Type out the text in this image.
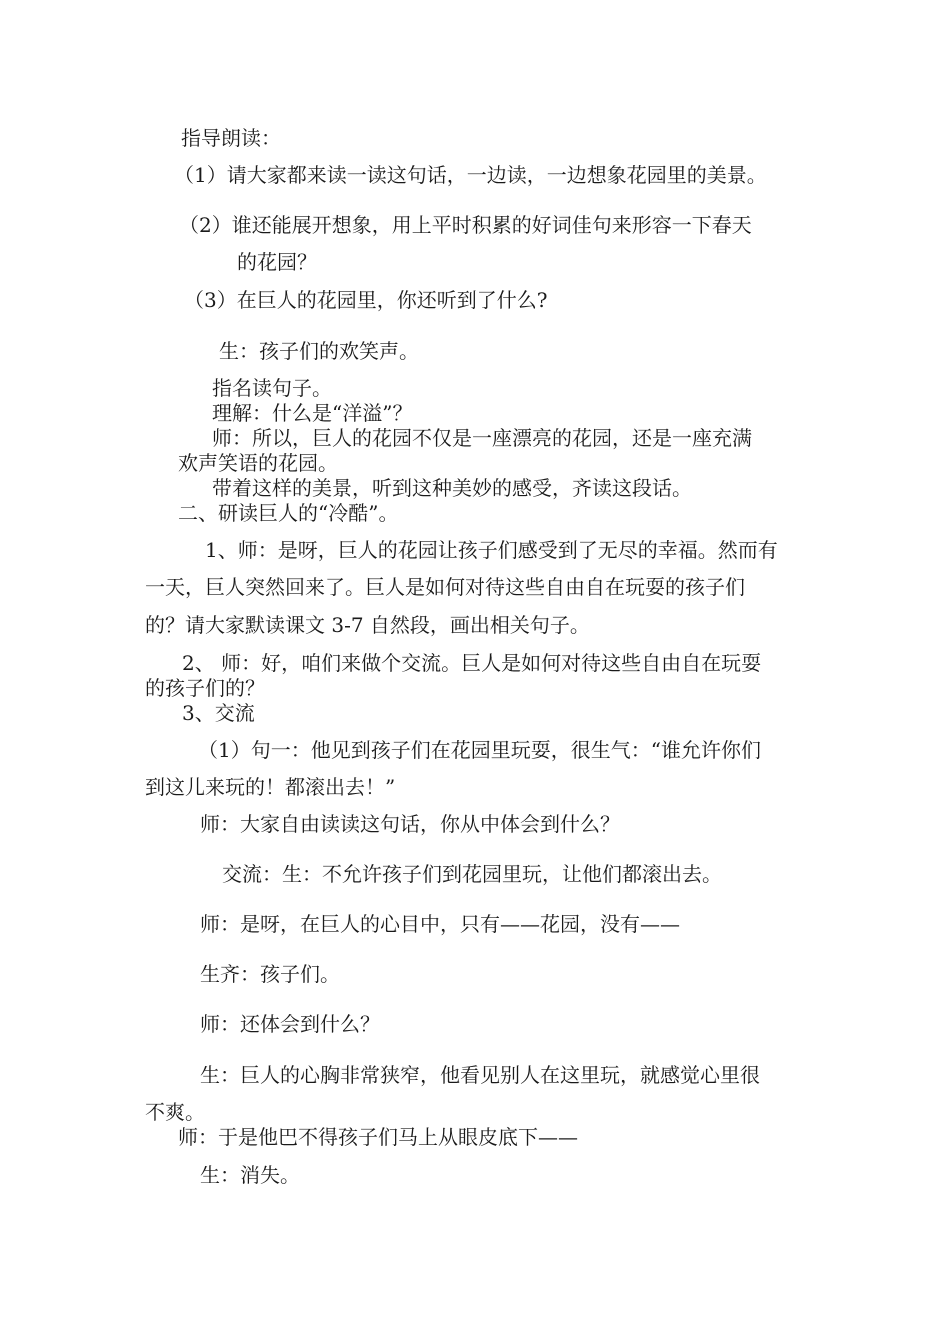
指导朗读：

（1）请大家都来读一读这句话，一边读，一边想象花园里的美景。

（2）谁还能展开想象，用上平时积累的好词佳句来形容一下春天

的花园？

（3）在巨人的花园里，你还听到了什么?

生：孩子们的欢笑声。

指名读句子。

理解：什么是“洋溢”？

师：所以，巨人的花园不仅是一座漂亮的花园，还是一座充满

欢声笑语的花园。

带着这样的美景，听到这种美妙的感受，齐读这段话。

二、研读巨人的“冷酷”。

1、师：是呀，巨人的花园让孩子们感受到了无尽的幸福。然而有

一天，巨人突然回来了。巨人是如何对待这些自由自在玩耍的孩子们

的？请大家默读课文 3-7 自然段，画出相关句子。

2、 师：好，咱们来做个交流。巨人是如何对待这些自由自在玩耍

的孩子们的？

3、交流

（1）句一：他见到孩子们在花园里玩耍，很生气：“谁允许你们

到这儿来玩的！都滚出去！”

师：大家自由读读这句话，你从中体会到什么？

交流：生：不允许孩子们到花园里玩，让他们都滚出去。

师：是呀，在巨人的心目中，只有——花园，没有——

生齐：孩子们。

师：还体会到什么？

生：巨人的心胸非常狭窄，他看见别人在这里玩，就感觉心里很

不爽。

师：于是他巴不得孩子们马上从眼皮底下——

生：消失。
